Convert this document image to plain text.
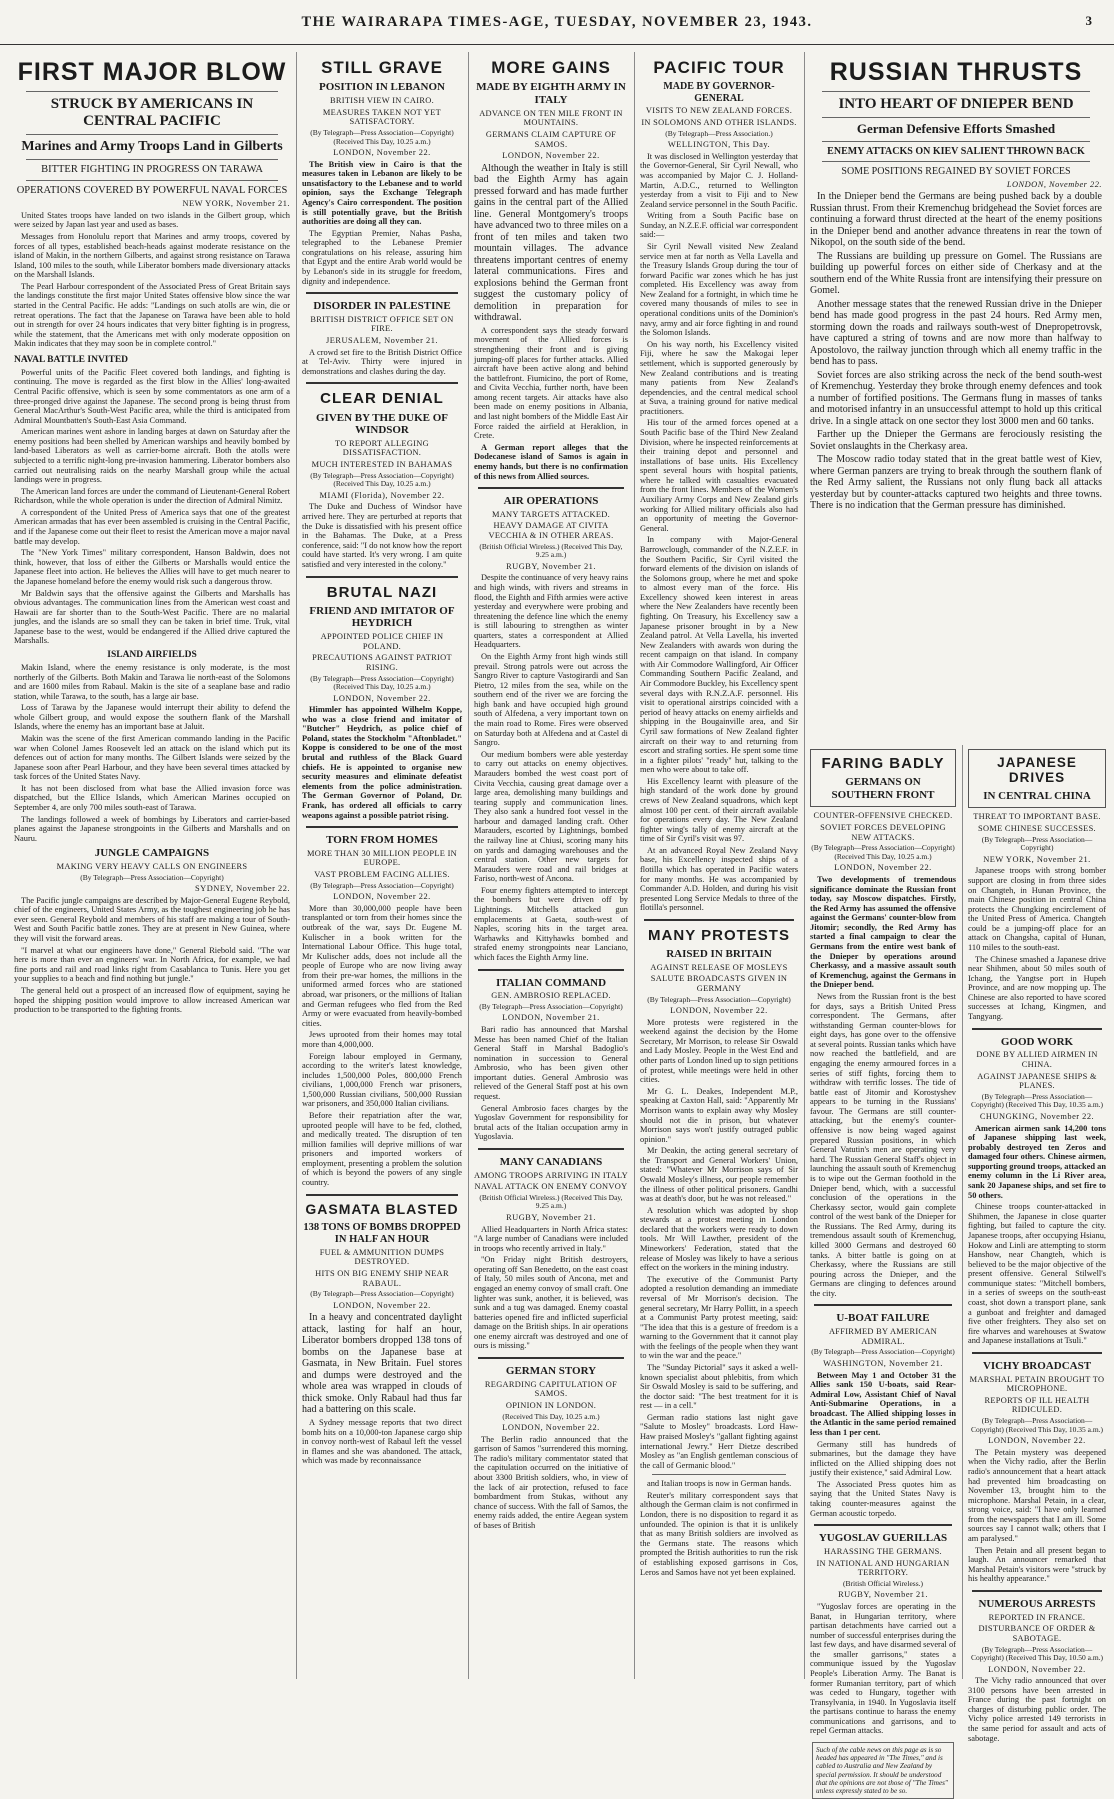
THE WAIRARAPA TIMES-AGE, TUESDAY, NOVEMBER 23, 1943.	3
FIRST MAJOR BLOW
STRUCK BY AMERICANS IN CENTRAL PACIFIC
Marines and Army Troops Land in Gilberts
BITTER FIGHTING IN PROGRESS ON TARAWA
OPERATIONS COVERED BY POWERFUL NAVAL FORCES
NEW YORK, November 21.

United States troops have landed on two islands in the Gilbert group, which were seized by Japan last year and used as bases.

Messages from Honolulu report that Marines and army troops, covered by forces of all types, established beach-heads against moderate resistance on the island of Makin, in the northern Gilberts, and against strong resistance on Tarawa Island, 100 miles to the south, while Liberator bombers made diversionary attacks on the Marshall Islands.

The Pearl Harbour correspondent of the Associated Press of Great Britain says the landings constitute the first major United States offensive blow since the war started in the Central Pacific. He adds: "Landings on such atolls are win, die or retreat operations. The fact that the Japanese on Tarawa have been able to hold out in strength for over 24 hours indicates that very bitter fighting is in progress, while the statement, that the Americans met with only moderate opposition on Makin indicates that they may soon be in complete control."

NAVAL BATTLE INVITED

Powerful units of the Pacific Fleet covered both landings, and fighting is continuing. The move is regarded as the first blow in the Allies' long-awaited Central Pacific offensive, which is seen by some commentators as one arm of a three-pronged drive against the Japanese. The second prong is being thrust from General MacArthur's South-West Pacific area, while the third is anticipated from Admiral Mountbatten's South-East Asia Command.

American marines went ashore in landing barges at dawn on Saturday after the enemy positions had been shelled by American warships and heavily bombed by land-based Liberators as well as carrier-borne aircraft. Both the atolls were subjected to a terrific night-long pre-invasion hammering. Liberator bombers also carried out neutralising raids on the nearby Marshall group while the actual landings were in progress.

The American land forces are under the command of Lieutenant-General Robert Richardson, while the whole operation is under the direction of Admiral Nimitz.

A correspondent of the United Press of America says that one of the greatest American armadas that has ever been assembled is cruising in the Central Pacific, and if the Japanese come out their fleet to resist the American move a major naval battle may develop.

The "New York Times" military correspondent, Hanson Baldwin, does not think, however, that loss of either the Gilberts or Marshalls would entice the Japanese fleet into action. He believes the Allies will have to get much nearer to the Japanese homeland before the enemy would risk such a dangerous throw.

Mr Baldwin says that the offensive against the Gilberts and Marshalls has obvious advantages. The communication lines from the American west coast and Hawaii are far shorter than to the South-West Pacific. There are no malarial jungles, and the islands are so small they can be taken in brief time. Truk, vital Japanese base to the west, would be endangered if the Allied drive captured the Marshalls.

ISLAND AIRFIELDS

Makin Island, where the enemy resistance is only moderate, is the most northerly of the Gilberts. Both Makin and Tarawa lie north-east of the Solomons and are 1600 miles from Rabaul. Makin is the site of a seaplane base and radio station, while Tarawa, to the south, has a large air base.

Loss of Tarawa by the Japanese would interrupt their ability to defend the whole Gilbert group, and would expose the southern flank of the Marshall Islands, where the enemy has an important base at Jaluit.

Makin was the scene of the first American commando landing in the Pacific war when Colonel James Roosevelt led an attack on the island which put its defences out of action for many months. The Gilbert Islands were seized by the Japanese soon after Pearl Harbour, and they have been several times attacked by task forces of the United States Navy.

It has not been disclosed from what base the Allied invasion force was dispatched, but the Ellice Islands, which American Marines occupied on September 4, are only 700 miles south-east of Tarawa.

The landings followed a week of bombings by Liberators and carrier-based planes against the Japanese strongpoints in the Gilberts and Marshalls and on Nauru.

JUNGLE CAMPAIGNS
MAKING VERY HEAVY CALLS ON ENGINEERS
(By Telegraph—Press Association—Copyright)
SYDNEY, November 22.

The Pacific jungle campaigns are described by Major-General Eugene Reybold, chief of the engineers, United States Army, as the toughest engineering job he has ever seen. General Reybold and members of his staff are making a tour of South-West and South Pacific battle zones. They are at present in New Guinea, where they will visit the forward areas.

"I marvel at what our engineers have done," General Riebold said. "The war here is more than ever an engineers' war. In North Africa, for example, we had fine ports and rail and road links right from Casablanca to Tunis. Here you get your supplies to a beach and find nothing but jungle."

The general held out a prospect of an increased flow of equipment, saying he hoped the shipping position would improve to allow increased American war production to be transported to the fighting fronts.

STILL GRAVE
POSITION IN LEBANON
BRITISH VIEW IN CAIRO.
MEASURES TAKEN NOT YET SATISFACTORY.
(By Telegraph—Press Association—Copyright) (Received This Day, 10.25 a.m.)
LONDON, November 22.

The British view in Cairo is that the measures taken in Lebanon are likely to be unsatisfactory to the Lebanese and to world opinion, says the Exchange Telegraph Agency's Cairo correspondent. The position is still potentially grave, but the British authorities are doing all they can.

The Egyptian Premier, Nahas Pasha, telegraphed to the Lebanese Premier congratulations on his release, assuring him that Egypt and the entire Arab world would be by Lebanon's side in its struggle for freedom, dignity and independence.

DISORDER IN PALESTINE
BRITISH DISTRICT OFFICE SET ON FIRE.
JERUSALEM, November 21.

A crowd set fire to the British District Office at Tel-Aviv. Thirty were injured in demonstrations and clashes during the day.

CLEAR DENIAL
GIVEN BY THE DUKE OF WINDSOR
TO REPORT ALLEGING DISSATISFACTION.
MUCH INTERESTED IN BAHAMAS
(By Telegraph—Press Association—Copyright) (Received This Day, 10.25 a.m.)
MIAMI (Florida), November 22.

The Duke and Duchess of Windsor have arrived here. They are perturbed at reports that the Duke is dissatisfied with his present office in the Bahamas. The Duke, at a Press conference, said: "I do not know how the report could have started. It's very wrong. I am quite satisfied and very interested in the colony."

BRUTAL NAZI
FRIEND AND IMITATOR OF HEYDRICH
APPOINTED POLICE CHIEF IN POLAND.
PRECAUTIONS AGAINST PATRIOT RISING.
(By Telegraph—Press Association—Copyright) (Received This Day, 10.25 a.m.)
LONDON, November 22.

Himmler has appointed Wilhelm Koppe, who was a close friend and imitator of "Butcher" Heydrich, as police chief of Poland, states the Stockholm "Aftonbladet." Koppe is considered to be one of the most brutal and ruthless of the Black Guard chiefs. He is appointed to organise new security measures and eliminate defeatist elements from the police administration. The German Governor of Poland, Dr. Frank, has ordered all officials to carry weapons against a possible patriot rising.

TORN FROM HOMES
MORE THAN 30 MILLION PEOPLE IN EUROPE.
VAST PROBLEM FACING ALLIES.
(By Telegraph—Press Association—Copyright)
LONDON, November 22.

More than 30,000,000 people have been transplanted or torn from their homes since the outbreak of the war, says Dr. Eugene M. Kulischer in a book written for the International Labour Office. This huge total, Mr Kulischer adds, does not include all the people of Europe who are now living away from their pre-war homes, the millions in the uniformed armed forces who are stationed abroad, war prisoners, or the millions of Italian and German refugees who fled from the Red Army or were evacuated from heavily-bombed cities.

Jews uprooted from their homes may total more than 4,000,000.

Foreign labour employed in Germany, according to the writer's latest knowledge, includes 1,500,000 Poles, 800,000 French civilians, 1,000,000 French war prisoners, 1,500,000 Russian civilians, 500,000 Russian war prisoners, and 350,000 Italian civilians.

Before their repatriation after the war, uprooted people will have to be fed, clothed, and medically treated. The disruption of ten million families will deprive millions of war prisoners and imported workers of employment, presenting a problem the solution of which is beyond the powers of any single country.

GASMATA BLASTED
138 TONS OF BOMBS DROPPED IN HALF AN HOUR
FUEL & AMMUNITION DUMPS DESTROYED.
HITS ON BIG ENEMY SHIP NEAR RABAUL.
(By Telegraph—Press Association—Copyright)
LONDON, November 22.

In a heavy and concentrated daylight attack, lasting for half an hour, Liberator bombers dropped 138 tons of bombs on the Japanese base at Gasmata, in New Britain. Fuel stores and dumps were destroyed and the whole area was wrapped in clouds of thick smoke. Only Rabaul had thus far had a battering on this scale.

A Sydney message reports that two direct bomb hits on a 10,000-ton Japanese cargo ship in convoy north-west of Rabaul left the vessel in flames and she was abandoned. The attack, which was made by reconnaissance

MORE GAINS
MADE BY EIGHTH ARMY IN ITALY
ADVANCE ON TEN MILE FRONT IN MOUNTAINS.
GERMANS CLAIM CAPTURE OF SAMOS.
LONDON, November 22.

Although the weather in Italy is still bad the Eighth Army has again pressed forward and has made further gains in the central part of the Allied line. General Montgomery's troops have advanced two to three miles on a front of ten miles and taken two mountain villages. The advance threatens important centres of enemy lateral communications. Fires and explosions behind the German front suggest the customary policy of demolition in preparation for withdrawal.

A correspondent says the steady forward movement of the Allied forces is strengthening their front and is giving jumping-off places for further attacks. Allied aircraft have been active along and behind the battlefront. Fiumicino, the port of Rome, and Civita Vecchia, further north, have been among recent targets. Air attacks have also been made on enemy positions in Albania, and last night bombers of the Middle East Air Force raided the airfield at Heraklion, in Crete.

A German report alleges that the Dodecanese island of Samos is again in enemy hands, but there is no confirmation of this news from Allied sources.

AIR OPERATIONS
MANY TARGETS ATTACKED.
HEAVY DAMAGE AT CIVITA VECCHIA & IN OTHER AREAS.
(British Official Wireless.) (Received This Day, 9.25 a.m.)
RUGBY, November 21.

Despite the continuance of very heavy rains and high winds, with rivers and streams in flood, the Eighth and Fifth armies were active yesterday and everywhere were probing and threatening the defence line which the enemy is still labouring to strengthen as winter quarters, states a correspondent at Allied Headquarters.

On the Eighth Army front high winds still prevail. Strong patrols were out across the Sangro River to capture Vastogirardi and San Pietro, 12 miles from the sea, while on the southern end of the river we are forcing the high bank and have occupied high ground south of Alfedena, a very important town on the main road to Rome. Fires were observed on Saturday both at Alfedena and at Castel di Sangro.

Our medium bombers were able yesterday to carry out attacks on enemy objectives. Marauders bombed the west coast port of Civita Vecchia, causing great damage over a large area, demolishing many buildings and tearing supply and communication lines. They also sank a hundred foot vessel in the harbour and damaged landing craft. Other Marauders, escorted by Lightnings, bombed the railway line at Chiusi, scoring many hits on yards and damaging warehouses and the central station. Other new targets for Marauders were road and rail bridges at Fariso, north-west of Ancona.

Four enemy fighters attempted to intercept the bombers but were driven off by Lightnings. Mitchells attacked gun emplacements at Gaeta, south-west of Naples, scoring hits in the target area. Warhawks and Kittyhawks bombed and strafed enemy strongpoints near Lanciano, which faces the Eighth Army line.

ITALIAN COMMAND
GEN. AMBROSIO REPLACED.
(By Telegraph—Press Association—Copyright)
LONDON, November 21.

Bari radio has announced that Marshal Messe has been named Chief of the Italian General Staff in Marshal Badoglio's nomination in succession to General Ambrosio, who has been given other important duties. General Ambrosio was relieved of the General Staff post at his own request.

General Ambrosio faces charges by the Yugoslav Government for responsibility for brutal acts of the Italian occupation army in Yugoslavia.

MANY CANADIANS
AMONG TROOPS ARRIVING IN ITALY
NAVAL ATTACK ON ENEMY CONVOY
(British Official Wireless.) (Received This Day, 9.25 a.m.)
RUGBY, November 21.

Allied Headquarters in North Africa states: "A large number of Canadians were included in troops who recently arrived in Italy."

"On Friday night British destroyers, operating off San Benedetto, on the east coast of Italy, 50 miles south of Ancona, met and engaged an enemy convoy of small craft. One lighter was sunk, another, it is believed, was sunk and a tug was damaged. Enemy coastal batteries opened fire and inflicted superficial damage on the British ships. In air operations one enemy aircraft was destroyed and one of ours is missing."

GERMAN STORY
REGARDING CAPITULATION OF SAMOS.
OPINION IN LONDON.
(Received This Day, 10.25 a.m.)
LONDON, November 22.

The Berlin radio announced that the garrison of Samos "surrendered this morning. The radio's military commentator stated that the capitulation occurred on the initiative of about 3300 British soldiers, who, in view of the lack of air protection, refused to face bombardment from Stukas, without any chance of success. With the fall of Samos, the enemy raids added, the entire Aegean system of bases of British

PACIFIC TOUR
MADE BY GOVERNOR-GENERAL
VISITS TO NEW ZEALAND FORCES.
IN SOLOMONS AND OTHER ISLANDS.
(By Telegraph—Press Association.)
WELLINGTON, This Day.

It was disclosed in Wellington yesterday that the Governor-General, Sir Cyril Newall, who was accompanied by Major C. J. Holland-Martin, A.D.C., returned to Wellington yesterday from a visit to Fiji and to New Zealand service personnel in the South Pacific.

Writing from a South Pacific base on Sunday, an N.Z.E.F. official war correspondent said:—

Sir Cyril Newall visited New Zealand service men at far north as Vella Lavella and the Treasury Islands Group during the tour of forward Pacific war zones which he has just completed. His Excellency was away from New Zealand for a fortnight, in which time he covered many thousands of miles to see in operational conditions units of the Dominion's navy, army and air force fighting in and round the Solomon Islands.

On his way north, his Excellency visited Fiji, where he saw the Makogai leper settlement, which is supported generously by New Zealand contributions and is treating many patients from New Zealand's dependencies, and the central medical school at Suva, a training ground for native medical practitioners.

His tour of the armed forces opened at a South Pacific base of the Third New Zealand Division, where he inspected reinforcements at their training depot and personnel and installations of base units. His Excellency spent several hours with hospital patients, where he talked with casualties evacuated from the front lines. Members of the Women's Auxiliary Army Corps and New Zealand girls working for Allied military officials also had an opportunity of meeting the Governor-General.

In company with Major-General Barrowclough, commander of the N.Z.E.F. in the Southern Pacific, Sir Cyril visited the forward elements of the division on islands of the Solomons group, where he met and spoke to almost every man of the force. His Excellency showed keen interest in areas where the New Zealanders have recently been fighting. On Treasury, his Excellency saw a Japanese prisoner brought in by a New Zealand patrol. At Vella Lavella, his inverted New Zealanders with awards won during the recent campaign on that island. In company with Air Commodore Wallingford, Air Officer Commanding Southern Pacific Zealand, and Air Commodore Buckley, his Excellency spent several days with R.N.Z.A.F. personnel. His visit to operational airstrips coincided with a period of heavy attacks on enemy airfields and shipping in the Bougainville area, and Sir Cyril saw formations of New Zealand fighter aircraft on their way to and returning from escort and strafing sorties. He spent some time in a fighter pilots' "ready" hut, talking to the men who were about to take off.

His Excellency learnt with pleasure of the high standard of the work done by ground crews of New Zealand squadrons, which kept almost 100 per cent. of their aircraft available for operations every day. The New Zealand fighter wing's tally of enemy aircraft at the time of Sir Cyril's visit was 97.

At an advanced Royal New Zealand Navy base, his Excellency inspected ships of a flotilla which has operated in Pacific waters for many months. He was accompanied by Commander A.D. Holden, and during his visit presented Long Service Medals to three of the flotilla's personnel.

MANY PROTESTS
RAISED IN BRITAIN
AGAINST RELEASE OF MOSLEYS
SALUTE BROADCASTS GIVEN IN GERMANY
(By Telegraph—Press Association—Copyright)
LONDON, November 22.

More protests were registered in the weekend against the decision by the Home Secretary, Mr Morrison, to release Sir Oswald and Lady Mosley. People in the West End and other parts of London lined up to sign petitions of protest, while meetings were held in other cities.

Mr G. L. Deakes, Independent M.P., speaking at Caxton Hall, said: "Apparently Mr Morrison wants to explain away why Mosley should not die in prison, but whatever Morrison says won't justify outraged public opinion."

Mr Deakin, the acting general secretary of the Transport and General Workers' Union, stated: "Whatever Mr Morrison says of Sir Oswald Mosley's illness, our people remember the illness of other political prisoners. Gandhi was at death's door, but he was not released."

A resolution which was adopted by shop stewards at a protest meeting in London declared that the workers were ready to down tools. Mr Will Lawther, president of the Mineworkers' Federation, stated that the release of Mosley was likely to have a serious effect on the workers in the mining industry.

The executive of the Communist Party adopted a resolution demanding an immediate reversal of Mr Morrison's decision. The general secretary, Mr Harry Pollitt, in a speech at a Communist Party protest meeting, said: "The idea that this is a gesture of freedom is a warning to the Government that it cannot play with the feelings of the people when they want to win the war and the peace."

The "Sunday Pictorial" says it asked a well-known specialist about phlebitis, from which Sir Oswald Mosley is said to be suffering, and the doctor said: "The best treatment for it is rest — in a cell."

German radio stations last night gave "Salute to Mosley" broadcasts. Lord Haw-Haw praised Mosley's "gallant fighting against international Jewry." Herr Dietze described Mosley as "an English gentleman conscious of the call of Germanic blood."

and Italian troops is now in German hands.

Reuter's military correspondent says that although the German claim is not confirmed in London, there is no disposition to regard it as unfounded. The opinion is that it is unlikely that as many British soldiers are involved as the Germans state. The reasons which prompted the British authorities to run the risk of establishing exposed garrisons in Cos, Leros and Samos have not yet been explained.

RUSSIAN THRUSTS
INTO HEART OF DNIEPER BEND
German Defensive Efforts Smashed
ENEMY ATTACKS ON KIEV SALIENT THROWN BACK
SOME POSITIONS REGAINED BY SOVIET FORCES
LONDON, November 22.

In the Dnieper bend the Germans are being pushed back by a double Russian thrust. From their Kremenchug bridgehead the Soviet forces are continuing a forward thrust directed at the heart of the enemy positions in the Dnieper bend and another advance threatens in rear the town of Nikopol, on the south side of the bend.

The Russians are building up pressure on Gomel. The Russians are building up powerful forces on either side of Cherkasy and at the southern end of the White Russia front are intensifying their pressure on Gomel.

Another message states that the renewed Russian drive in the Dnieper bend has made good progress in the past 24 hours. Red Army men, storming down the roads and railways south-west of Dnepropetrovsk, have captured a string of towns and are now more than halfway to Apostolovo, the railway junction through which all enemy traffic in the bend has to pass.

Soviet forces are also striking across the neck of the bend south-west of Kremenchug. Yesterday they broke through enemy defences and took a number of fortified positions. The Germans flung in masses of tanks and motorised infantry in an unsuccessful attempt to hold up this critical drive. In a single attack on one sector they lost 3000 men and 60 tanks.

Farther up the Dnieper the Germans are ferociously resisting the Soviet onslaughts in the Cherkasy area.

The Moscow radio today stated that in the great battle west of Kiev, where German panzers are trying to break through the southern flank of the Red Army salient, the Russians not only flung back all attacks yesterday but by counter-attacks captured two heights and three towns. There is no indication that the German pressure has diminished.

FARING BADLY
GERMANS ON SOUTHERN FRONT
COUNTER-OFFENSIVE CHECKED.
SOVIET FORCES DEVELOPING NEW ATTACKS.
(By Telegraph—Press Association—Copyright) (Received This Day, 10.25 a.m.)
LONDON, November 22.

Two developments of tremendous significance dominate the Russian front today, say Moscow dispatches. Firstly, the Red Army has assumed the offensive against the Germans' counter-blow from Jitomir; secondly, the Red Army has started a final campaign to clear the Germans from the entire west bank of the Dnieper by operations around Cherkassy, and a massive assault south of Kremenchug, against the Germans in the Dnieper bend.

News from the Russian front is the best for days, says a British United Press correspondent. The Germans, after withstanding German counter-blows for eight days, has gone over to the offensive at several points. Russian tanks which have now reached the battlefield, and are engaging the enemy armoured forces in a series of stiff fights, forcing them to withdraw with terrific losses. The tide of battle east of Jitomir and Korostyshev appears to be turning in the Russians' favour. The Germans are still counter-attacking, but the enemy's counter-offensive is now being waged against prepared Russian positions, in which General Vatutin's men are operating very hard. The Russian General Staff's object in launching the assault south of Kremenchug is to wipe out the German foothold in the Dnieper bend, which, with a successful conclusion of the operations in the Cherkassy sector, would gain complete control of the west bank of the Dnieper for the Russians. The Red Army, during its tremendous assault south of Kremenchug, killed 3000 Germans and destroyed 60 tanks. A bitter battle is going on at Cherkassy, where the Russians are still pouring across the Dnieper, and the Germans are clinging to defences around the city.

U-BOAT FAILURE
AFFIRMED BY AMERICAN ADMIRAL.
(By Telegraph—Press Association—Copyright)
WASHINGTON, November 21.

Between May 1 and October 31 the Allies sank 150 U-boats, said Rear-Admiral Low, Assistant Chief of Naval Anti-Submarine Operations, in a broadcast. The Allied shipping losses in the Atlantic in the same period remained less than 1 per cent.

Germany still has hundreds of submarines, but the damage they have inflicted on the Allied shipping does not justify their existence," said Admiral Low.

The Associated Press quotes him as saying that the United States Navy is taking counter-measures against the German acoustic torpedo.

YUGOSLAV GUERILLAS
HARASSING THE GERMANS.
IN NATIONAL AND HUNGARIAN TERRITORY.
(British Official Wireless.)
RUGBY, November 21.

"Yugoslav forces are operating in the Banat, in Hungarian territory, where partisan detachments have carried out a number of successful enterprises during the last few days, and have disarmed several of the smaller garrisons," states a communique issued by the Yugoslav People's Liberation Army. The Banat is former Rumanian territory, part of which was ceded to Hungary, together with Transylvania, in 1940. In Yugoslavia itself the partisans continue to harass the enemy communications and garrisons, and to repel German attacks.

Such of the cable news on this page as is so headed has appeared in "The Times," and is cabled to Australia and New Zealand by special permission. It should be understood that the opinions are not those of "The Times" unless expressly stated to be so.
JAPANESE DRIVES
IN CENTRAL CHINA
THREAT TO IMPORTANT BASE.
SOME CHINESE SUCCESSES.
(By Telegraph—Press Association—Copyright)
NEW YORK, November 21.

Japanese troops with strong bomber support are closing in from three sides on Changteh, in Hunan Province, the main Chinese position in central China protects the Chungking encirclement of the United Press of America. Changteh could be a jumping-off place for an attack on Changsha, capital of Hunan, 110 miles to the south-east.

The Chinese smashed a Japanese drive near Shihmen, about 50 miles south of Ichang, the Yangtse port in Hupeh Province, and are now mopping up. The Chinese are also reported to have scored successes at Ichang, Kingmen, and Tangyang.

GOOD WORK
DONE BY ALLIED AIRMEN IN CHINA.
AGAINST JAPANESE SHIPS & PLANES.
(By Telegraph—Press Association—Copyright) (Received This Day, 10.35 a.m.)
CHUNGKING, November 22.

American airmen sank 14,200 tons of Japanese shipping last week, probably destroyed ten Zeros and damaged four others. Chinese airmen, supporting ground troops, attacked an enemy column in the Li River area, sank 20 Japanese ships, and set fire to 50 others.

Chinese troops counter-attacked in Shihmen, the Japanese in close quarter fighting, but failed to capture the city. Japanese troops, after occupying Hsianu, Hokow and Linli are attempting to storm Hanshow, near Changteh, which is believed to be the major objective of the present offensive. General Stilwell's communique states: "Mitchell bombers, in a series of sweeps on the south-east coast, shot down a transport plane, sank a gunboat and freighter and damaged five other freighters. They also set on fire wharves and warehouses at Swatow and Japanese installations at Tsuli."

VICHY BROADCAST
MARSHAL PETAIN BROUGHT TO MICROPHONE.
REPORTS OF ILL HEALTH RIDICULED.
(By Telegraph—Press Association—Copyright) (Received This Day, 10.35 a.m.)
LONDON, November 22.

The Petain mystery was deepened when the Vichy radio, after the Berlin radio's announcement that a heart attack had prevented him broadcasting on November 13, brought him to the microphone. Marshal Petain, in a clear, strong voice, said: "I have only learned from the newspapers that I am ill. Some sources say I cannot walk; others that I am paralysed."

Then Petain and all present began to laugh. An announcer remarked that Marshal Petain's visitors were "struck by his healthy appearance."

NUMEROUS ARRESTS
REPORTED IN FRANCE.
DISTURBANCE OF ORDER & SABOTAGE.
(By Telegraph—Press Association—Copyright) (Received This Day, 10.50 a.m.)
LONDON, November 22.

The Vichy radio announced that over 3100 persons have been arrested in France during the past fortnight on charges of disturbing public order. The Vichy police arrested 149 terrorists in the same period for assault and acts of sabotage.
